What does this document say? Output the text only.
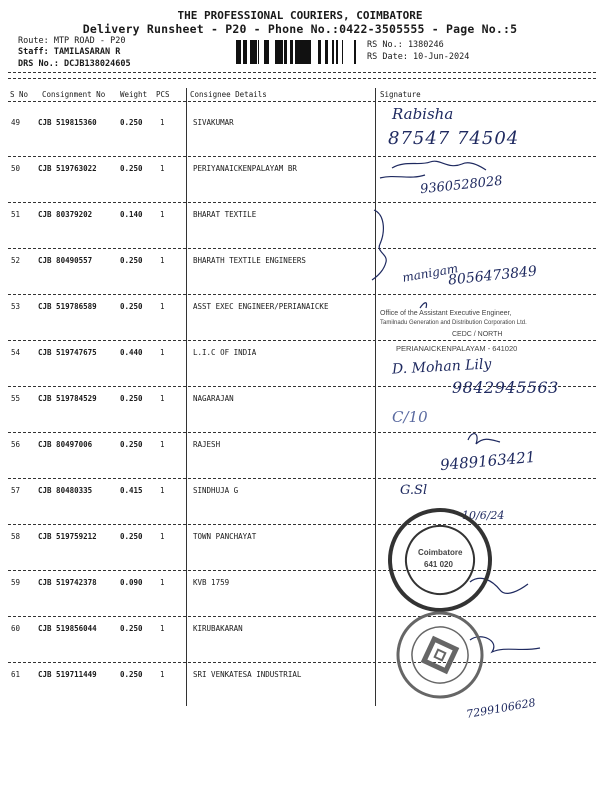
THE PROFESSIONAL COURIERS, COIMBATORE
Delivery Runsheet - P20 - Phone No.:0422-3505555 - Page No.:5
Route: MTP ROAD - P20
Staff: TAMILASARAN R
DRS No.: DCJB138024605
RS No.: 1380246
RS Date: 10-Jun-2024
S No Consignment No Weight PCS	Consignee Details	Signature
49 CJB 519815360	0.250 1	SIVAKUMAR
50 CJB 519763022	0.250 1	PERIYANAICKENPALAYAM BR
51 CJB 80379202	0.140 1	BHARAT TEXTILE
52 CJB 80490557	0.250 1	BHARATH TEXTILE ENGINEERS
53 CJB 519786589	0.250 1	ASST EXEC ENGINEER/PERIANAICKE
54 CJB 519747675	0.440 1	L.I.C OF INDIA
55 CJB 519784529	0.250 1	NAGARAJAN
56 CJB 80497006	0.250 1	RAJESH
57 CJB 80480335	0.415 1	SINDHUJA G
58 CJB 519759212	0.250 1	TOWN PANCHAYAT
59 CJB 519742378	0.090 1	KVB 1759
60 CJB 519856044	0.250 1	KIRUBAKARAN
61 CJB 519711449	0.250 1	SRI VENKATESA INDUSTRIAL
Rabisha
87547 74504
9360528028
manigam
8056473849
Office of the Assistant Executive Engineer,
Tamilnadu Generation and Distribution Corporation Ltd.
CEDC / NORTH
PERIANAICKENPALAYAM - 641020
D. Mohan Lily
9842945563
C/10
9489163421
G.Sl
10/6/24
7299106628
Coimbatore
641 020
